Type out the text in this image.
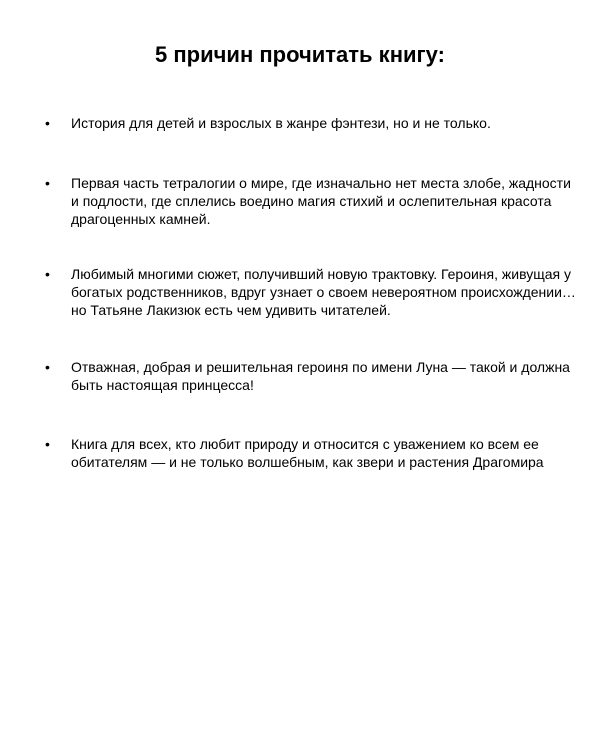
5 причин прочитать книгу:
• История для детей и взрослых в жанре фэнтези, но и не только.
• Первая часть тетралогии о мире, где изначально нет места злобе, жадности и подлости, где сплелись воедино магия стихий и ослепительная красота драгоценных камней.
• Любимый многими сюжет, получивший новую трактовку. Героиня, живущая у богатых родственников, вдруг узнает о своем невероятном происхождении… но Татьяне Лакизюк есть чем удивить читателей.
• Отважная, добрая и решительная героиня по имени Луна — такой и должна быть настоящая принцесса!
• Книга для всех, кто любит природу и относится с уважением ко всем ее обитателям — и не только волшебным, как звери и растения Драгомира
